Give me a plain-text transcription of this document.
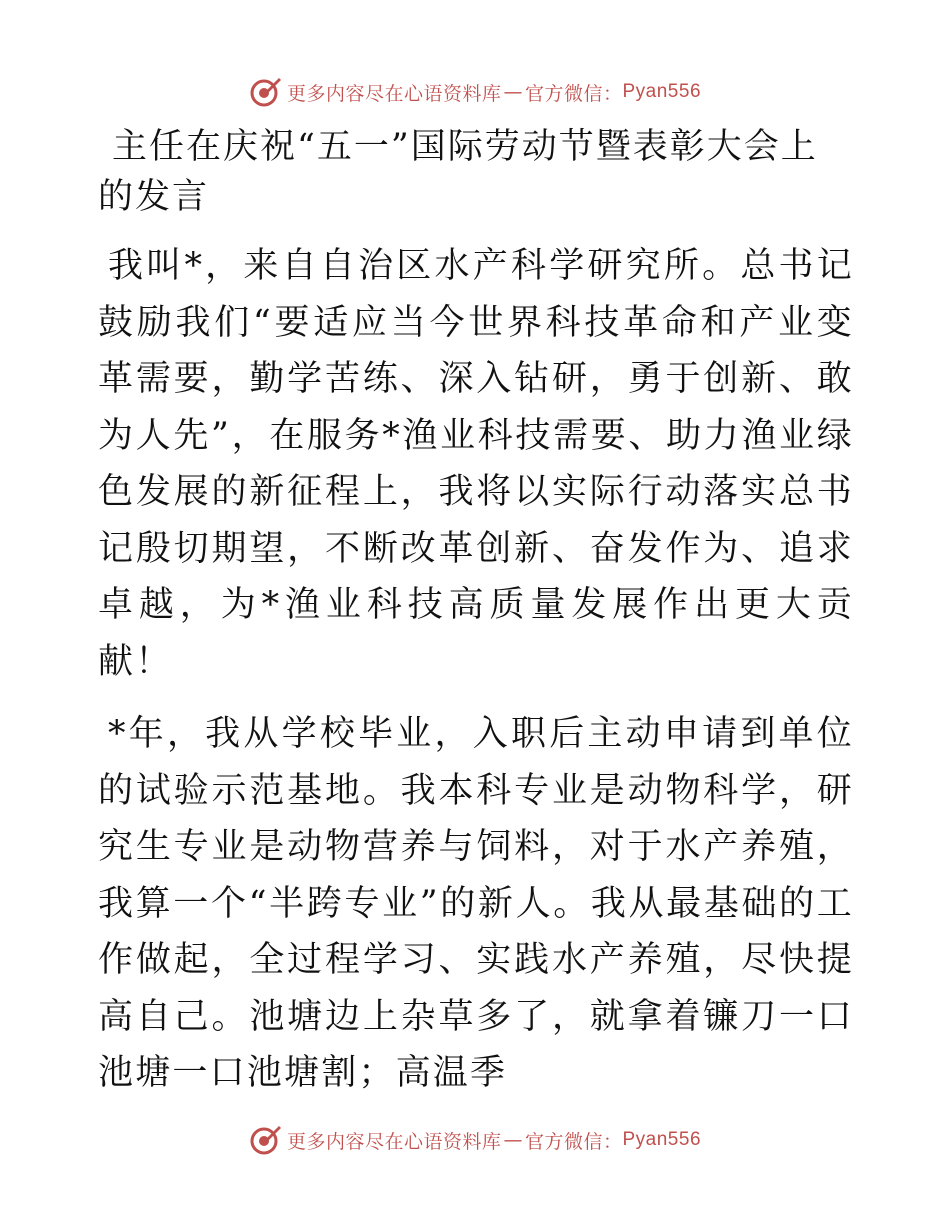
更多内容尽在心语资料库 — 官方微信： Pyan556
主任在庆祝“五一”国际劳动节暨表彰大会上的发言

我叫*，来自自治区水产科学研究所。总书记鼓励我们“要适应当今世界科技革命和产业变革需要，勤学苦练、深入钻研，勇于创新、敢为人先”，在服务*渔业科技需要、助力渔业绿色发展的新征程上，我将以实际行动落实总书记殷切期望，不断改革创新、奋发作为、追求卓越，为*渔业科技高质量发展作出更大贡献！

*年，我从学校毕业，入职后主动申请到单位的试验示范基地。我本科专业是动物科学，研究生专业是动物营养与饲料，对于水产养殖，我算一个“半跨专业”的新人。我从最基础的工作做起，全过程学习、实践水产养殖，尽快提高自己。池塘边上杂草多了，就拿着镰刀一口池塘一口池塘割；高温季

更多内容尽在心语资料库 — 官方微信： Pyan556
